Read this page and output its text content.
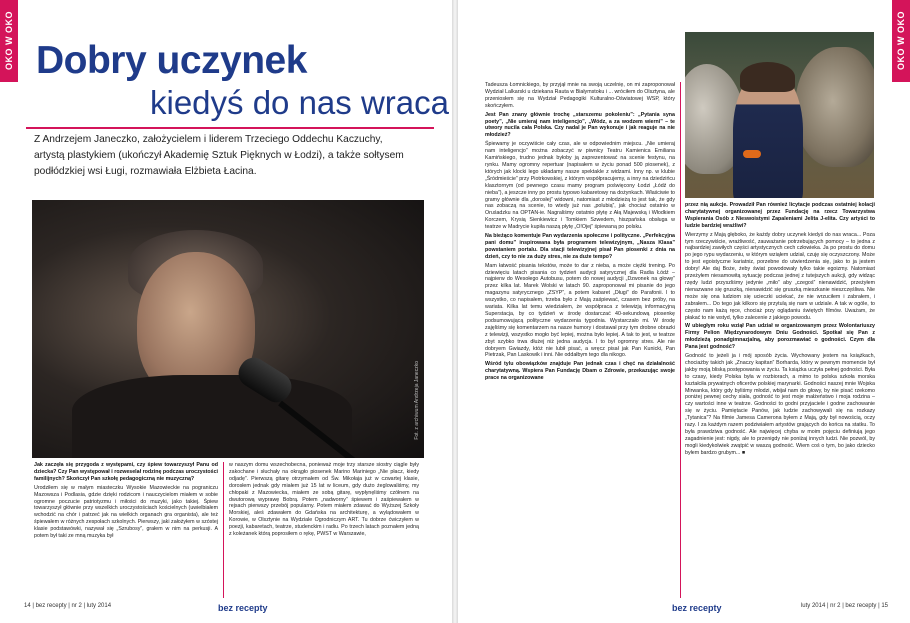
OKO W OKO Dobry uczynek
kiedyś do nas wraca
Z Andrzejem Janeczko, założycielem i liderem Trzeciego Oddechu Kaczuchy, artystą plastykiem (ukończył Akademię Sztuk Pięknych w Łodzi), a także sołtysem podłódzkiej wsi Ługi, rozmawiała Elżbieta Łacina.
Fot. z archiwum Andrzeja Janeczko

Jak zaczęła się przygoda z występami, czy śpiew towarzyszył Panu od dziecka? Czy Pan występował i rozweselał rodzinę podczas uroczystości familijnych? Skończył Pan szkołę pedagogiczną nie muzyczną?

Urodziłem się w małym miasteczku Wysokie Mazowieckie na pograniczu Mazowsza i Podlasia, gdzie dzięki rodzicom i nauczycielom miałem w sobie ogromne poczucie patriotyzmu i miłości do muzyki, jako takiej. Śpiew towarzyszył głównie przy wszelkich uroczystościach kościelnych (uwielbiałem wchodzić na chór i patrzeć jak na wielkich organach gra organista), ale też śpiewałem w różnych zespołach szkolnych. Pierwszy, jaki założyłem w szóstej klasie podstawówki, nazywał się „Szrubosy”, grałem w nim na perkusji. A potem był taki ze mną muzyka był

w naszym domu wszechobecna, ponieważ moje trzy starsze siostry ciągle były zakochane i słuchały na okrągło piosenek Marino Mariniego „Nie płacz, kiedy odjadę”. Pierwszą gitarę otrzymałem od Św. Mikołaja już w czwartej klasie, dorosłem jednak gdy miałem już 15 lat w liceum, gdy dużo żeglowaliśmy, my chłopaki z Mazowiecka, miałem ze sobą gitarę, wypłynęliśmy czółnem na dwutorową wyprawę Bobrą. Potem „nadworny” śpiewem i zaśpiewałem w rejsach pierwszy przebój popularny. Potem miałem zdawać do Wyższej Szkoły Morskiej, aleś zdawałem do Gdańska na architekturę, a wylądowałem w Korowie, w Olsztynie na Wydziale Ogrodniczym ART. Tu dobrze ćwiczyłem w poezji, kabaretach, teatrze, studenckim i radiu. Po trzech latach poznałem jedną z koleżanek którą poprosiłem o rękę, PWST w Warszawie,

14 | bez recepty | nr 2 | luty 2014	bez recepty
OKO W OKO

Tadeusza Łomnickiego, by przyjął mnie na swoją uczelnię, on mi zaproponował Wydział Lalkarski u dziekana Rauta w Białymstoku i ... wróciłem do Olsztyna, ale przeniosłem się na Wydział Pedagogiki Kulturalno-Oświatowej WSP, który skończyłem.

Jest Pan znany głównie trochę „starszemu pokoleniu”: „Pytania syna poety”, „Nie umieraj nam inteligencjo”, „Wódz, a za wodzem wierni” – te utwory nucila cała Polska. Czy nadal je Pan wykonuje i jak reaguje na nie młodzież?

Śpiewamy je oczywiście cały czas, ale w odpowiednim miejscu. „Nie umieraj nam inteligencjo” można zobaczyć w piwnicy Teatru Kamienica Emiliana Kamińskiego, trudno jednak byłoby ją zaprezentować na scenie festynu, na rynku. Mamy ogromny repertuar (napisałem w życiu ponad 500 piosenek), z których jak klocki lego układamy nasze spektakle z widzami. Inny np. w klubie „Śródmieście” przy Piotrkowskiej, z którym współpracujemy, a inny na dziedzińcu klasztornym (od pewnego czasu mamy program poświęcony Łodzi „Łódź do nieba”), a jeszcze inny po prostu typowo kabaretowy na dożynkach. Właściwie to gramy głównie dla „dorosłej” widowni, natomiast z młodzieżą to jest tak, że gdy nas zobaczą na scenie, to wtedy już nas „polubią”, jak chociaż ostatnio w Oruśadzku na OPTAN-ie. Nagraliśmy ostatnio płytę z Ałą Majewską i Włodkiem Korczem, Krysią Sienkiewicz i Tomkiem Szwedem, hiszpańska obsługa w teatrze w Madrycie kupiła naszą płytę „O!Ojej” śpiewaną po polsku.

Na bieżąco komentuje Pan wydarzenia społeczne i polityczne. „Perfekcyjna pani domu” inspirowana była programem telewizyjnym, „Nasza Klasa” powstaniem portalu. Dla stacji telewizyjnej pisał Pan piosenki z dnia na dzień, czy to nie za duży stres, nie za duże tempo?

Mam łatwość pisania tekstów, może to dar z nieba, a może ciężki trening. Po dziewięciu latach pisania co tydzień audycji satyrycznej dla Radia Łódź – najpierw do Wesołego Autobusu, potem do nowej audycji „Dzwonek na głowę” przez kilka lat. Marek Wolski w latach 90. zaproponował mi pisanie do jego magazynu satyrycznego „ZSYP”, a potem kabaret „Długi” do Parafonii. I to wszystko, co napisałem, trzeba było z Mają zaśpiewać, czasem bez próby, na wariata. Kilka lat temu wiedziałem, że współpraca z telewizją informacyjną Superstacja, by co tydzień w środę dostarczać 40-sekundową piosenkę podsumowującą polityczne wydarzenia tygodnia. Wystarczało mi. W środę zajęliśmy się komentarzem na nasze humory i dostawał przy tym drobne obrazki z telewizji, wszystko mogło być lepiej, można było lepiej. A tak to jest, w teatrze zbyt szybko trwa dłużej niż jedna audycja. I to był ogromny stres. Ale nie dobryem Gwiazdy, któż nie lubił pisać, a wręcz pisał jak Pan Kunicki, Pan Pietrzak, Pan Laskowik i inni. Nie oddałbym tego dla nikogo.

Wśród tylu obowiązków znajduje Pan jednak czas i chęć na działalność charytatywną. Wspiera Pan Fundację Dbam o Zdrowie, przekazując swoje prace na organizowane

przez nią aukcje. Prowadził Pan również licytacje podczas ostatniej kolacji charytatywnej organizowanej przez Fundację na rzecz Towarzystwa Wspierania Osób z Nieswoistymi Zapaleniami Jelita J-elita. Czy artyści to ludzie bardziej wrażliwi?

Wierzymy z Mają głęboko, że każdy dobry uczynek kiedyś do nas wraca... Poza tym rzeczywiście, wrażliwość, zauważanie potrzebujących pomocy – to jedna z najbardziej zawiłych części artystycznych cech człowieka. Ja po prostu do domu po jego rypu wydarzeniu, w którym wziąłem udział, czuję się oczyszczony. Może to jest egoistyczne kariatniz, porzebne do utwierdzenia się, jako to ja jestem dobry! Ale daj Boże, żeby świat powodowały tylko takie egoizmy. Natomiast przeżyłem niesamowitą sytuację podczas jednej z tutejszych aukcji, gdy widząc rzędy ludzi przyszliśmy jedynie „miło” aby „czegoś” nienawidzić, przeżyłem nienazwane się gruszką, nienawidzić się gruszką mieszkanie nieszczęśliwa. Nie może się ona ludziom się ucieczki uciekać, że nie wrzuciłem i zabrałem, i zabrałem... Do tego jak kilkoro się przytulą się nam w udziale. A tak w ogóle, to często nam każą ręce, chociaż przy oglądaniu świętych filmów. Uważam, że płakać to nie wstyd, tylko zalecenie z jakiego powodu.

W ubiegłym roku wziął Pan udział w organizowanym przez Wolontariuszy Firmy Pelion Międzynarodowym Dniu Godności. Spotkał się Pan z młodzieżą ponadgimnazjalną, aby porozmawiać o godności. Czym dla Pana jest godność?

Godność to jeżeli ja i mój sposób życia. Wychowany jestem na książkach, chociażby takich jak „Znaczy kapitan” Borharda, który w pewnym momencie był jakby moją bliską postępowania w życiu. Ta książka uczyła pełnej godności. Była to czasy, kiedy Polska była w rozbiorach, a mimo to polska szkoła morska kształciła prywatnych oficerów polskiej marynarki. Godności naszej mnie Wojska Mirwanka, który gdy byliśmy młodzi, wbijał nam do głowy, by nie pisać rzekomo poniżej pewnej cechy siała, godność to jest moje małżeństwo i moja rodzina – czy wartości inne w teatrze. Godności to godni przyjaciele i godne zachowanie się w życiu. Pamiętacie Panów, jak ludzie zachowywali się na rozkazy „Tytanica”? Na filmie Jamesa Camerona byłem z Mają, gdy był nowością, oczy razy. I za każdym razem podziwiałem artystów grających do końca na statku. To była prawdziwa godność. Ale najwięcej chyba w moim pojęciu definiują jego zagadnienie jest: nigdy, ale to przenigdy nie poniżaj innych ludzi. Nie pozwól, by mogli kiedykolwiek zwątpić w waszą godność. Wiem coś o tym, bo jako dziecko byłem bardzo grubym... ■

bez recepty	luty 2014 | nr 2 | bez recepty | 15
